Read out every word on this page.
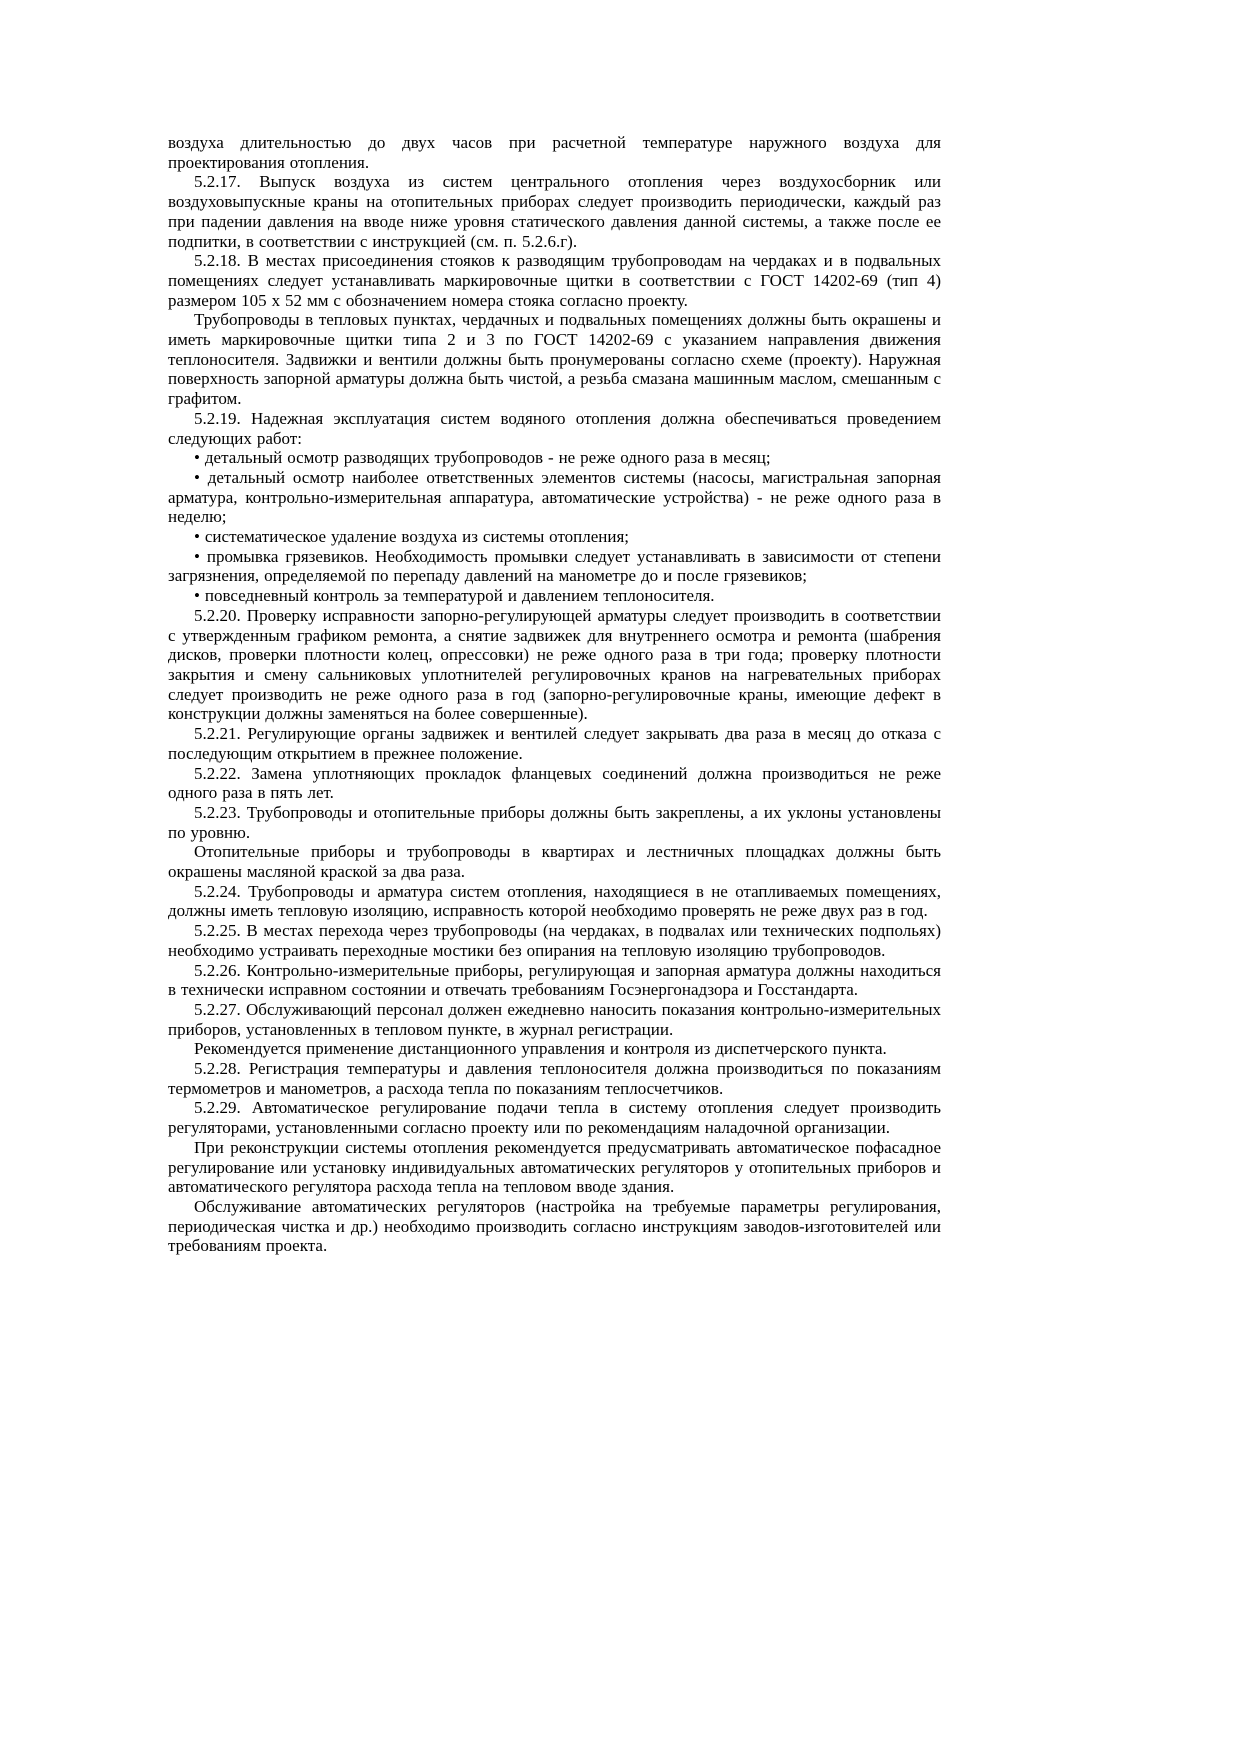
воздуха длительностью до двух часов при расчетной температуре наружного воздуха для проектирования отопления.

5.2.17. Выпуск воздуха из систем центрального отопления через воздухосборник или воздуховыпускные краны на отопительных приборах следует производить периодически, каждый раз при падении давления на вводе ниже уровня статического давления данной системы, а также после ее подпитки, в соответствии с инструкцией (см. п. 5.2.6.г).

5.2.18. В местах присоединения стояков к разводящим трубопроводам на чердаках и в подвальных помещениях следует устанавливать маркировочные щитки в соответствии с ГОСТ 14202-69 (тип 4) размером 105 х 52 мм с обозначением номера стояка согласно проекту.

Трубопроводы в тепловых пунктах, чердачных и подвальных помещениях должны быть окрашены и иметь маркировочные щитки типа 2 и 3 по ГОСТ 14202-69 с указанием направления движения теплоносителя. Задвижки и вентили должны быть пронумерованы согласно схеме (проекту). Наружная поверхность запорной арматуры должна быть чистой, а резьба смазана машинным маслом, смешанным с графитом.

5.2.19. Надежная эксплуатация систем водяного отопления должна обеспечиваться проведением следующих работ:

• детальный осмотр разводящих трубопроводов - не реже одного раза в месяц;

• детальный осмотр наиболее ответственных элементов системы (насосы, магистральная запорная арматура, контрольно-измерительная аппаратура, автоматические устройства) - не реже одного раза в неделю;

• систематическое удаление воздуха из системы отопления;

• промывка грязевиков. Необходимость промывки следует устанавливать в зависимости от степени загрязнения, определяемой по перепаду давлений на манометре до и после грязевиков;

• повседневный контроль за температурой и давлением теплоносителя.

5.2.20. Проверку исправности запорно-регулирующей арматуры следует производить в соответствии с утвержденным графиком ремонта, а снятие задвижек для внутреннего осмотра и ремонта (шабрения дисков, проверки плотности колец, опрессовки) не реже одного раза в три года; проверку плотности закрытия и смену сальниковых уплотнителей регулировочных кранов на нагревательных приборах следует производить не реже одного раза в год (запорно-регулировочные краны, имеющие дефект в конструкции должны заменяться на более совершенные).

5.2.21. Регулирующие органы задвижек и вентилей следует закрывать два раза в месяц до отказа с последующим открытием в прежнее положение.

5.2.22. Замена уплотняющих прокладок фланцевых соединений должна производиться не реже одного раза в пять лет.

5.2.23. Трубопроводы и отопительные приборы должны быть закреплены, а их уклоны установлены по уровню.

Отопительные приборы и трубопроводы в квартирах и лестничных площадках должны быть окрашены масляной краской за два раза.

5.2.24. Трубопроводы и арматура систем отопления, находящиеся в не отапливаемых помещениях, должны иметь тепловую изоляцию, исправность которой необходимо проверять не реже двух раз в год.

5.2.25. В местах перехода через трубопроводы (на чердаках, в подвалах или технических подпольях) необходимо устраивать переходные мостики без опирания на тепловую изоляцию трубопроводов.

5.2.26. Контрольно-измерительные приборы, регулирующая и запорная арматура должны находиться в технически исправном состоянии и отвечать требованиям Госэнергонадзора и Госстандарта.

5.2.27. Обслуживающий персонал должен ежедневно наносить показания контрольно-измерительных приборов, установленных в тепловом пункте, в журнал регистрации.

Рекомендуется применение дистанционного управления и контроля из диспетчерского пункта.

5.2.28. Регистрация температуры и давления теплоносителя должна производиться по показаниям термометров и манометров, а расхода тепла по показаниям теплосчетчиков.

5.2.29. Автоматическое регулирование подачи тепла в систему отопления следует производить регуляторами, установленными согласно проекту или по рекомендациям наладочной организации.

При реконструкции системы отопления рекомендуется предусматривать автоматическое пофасадное регулирование или установку индивидуальных автоматических регуляторов у отопительных приборов и автоматического регулятора расхода тепла на тепловом вводе здания.

Обслуживание автоматических регуляторов (настройка на требуемые параметры регулирования, периодическая чистка и др.) необходимо производить согласно инструкциям заводов-изготовителей или требованиям проекта.
